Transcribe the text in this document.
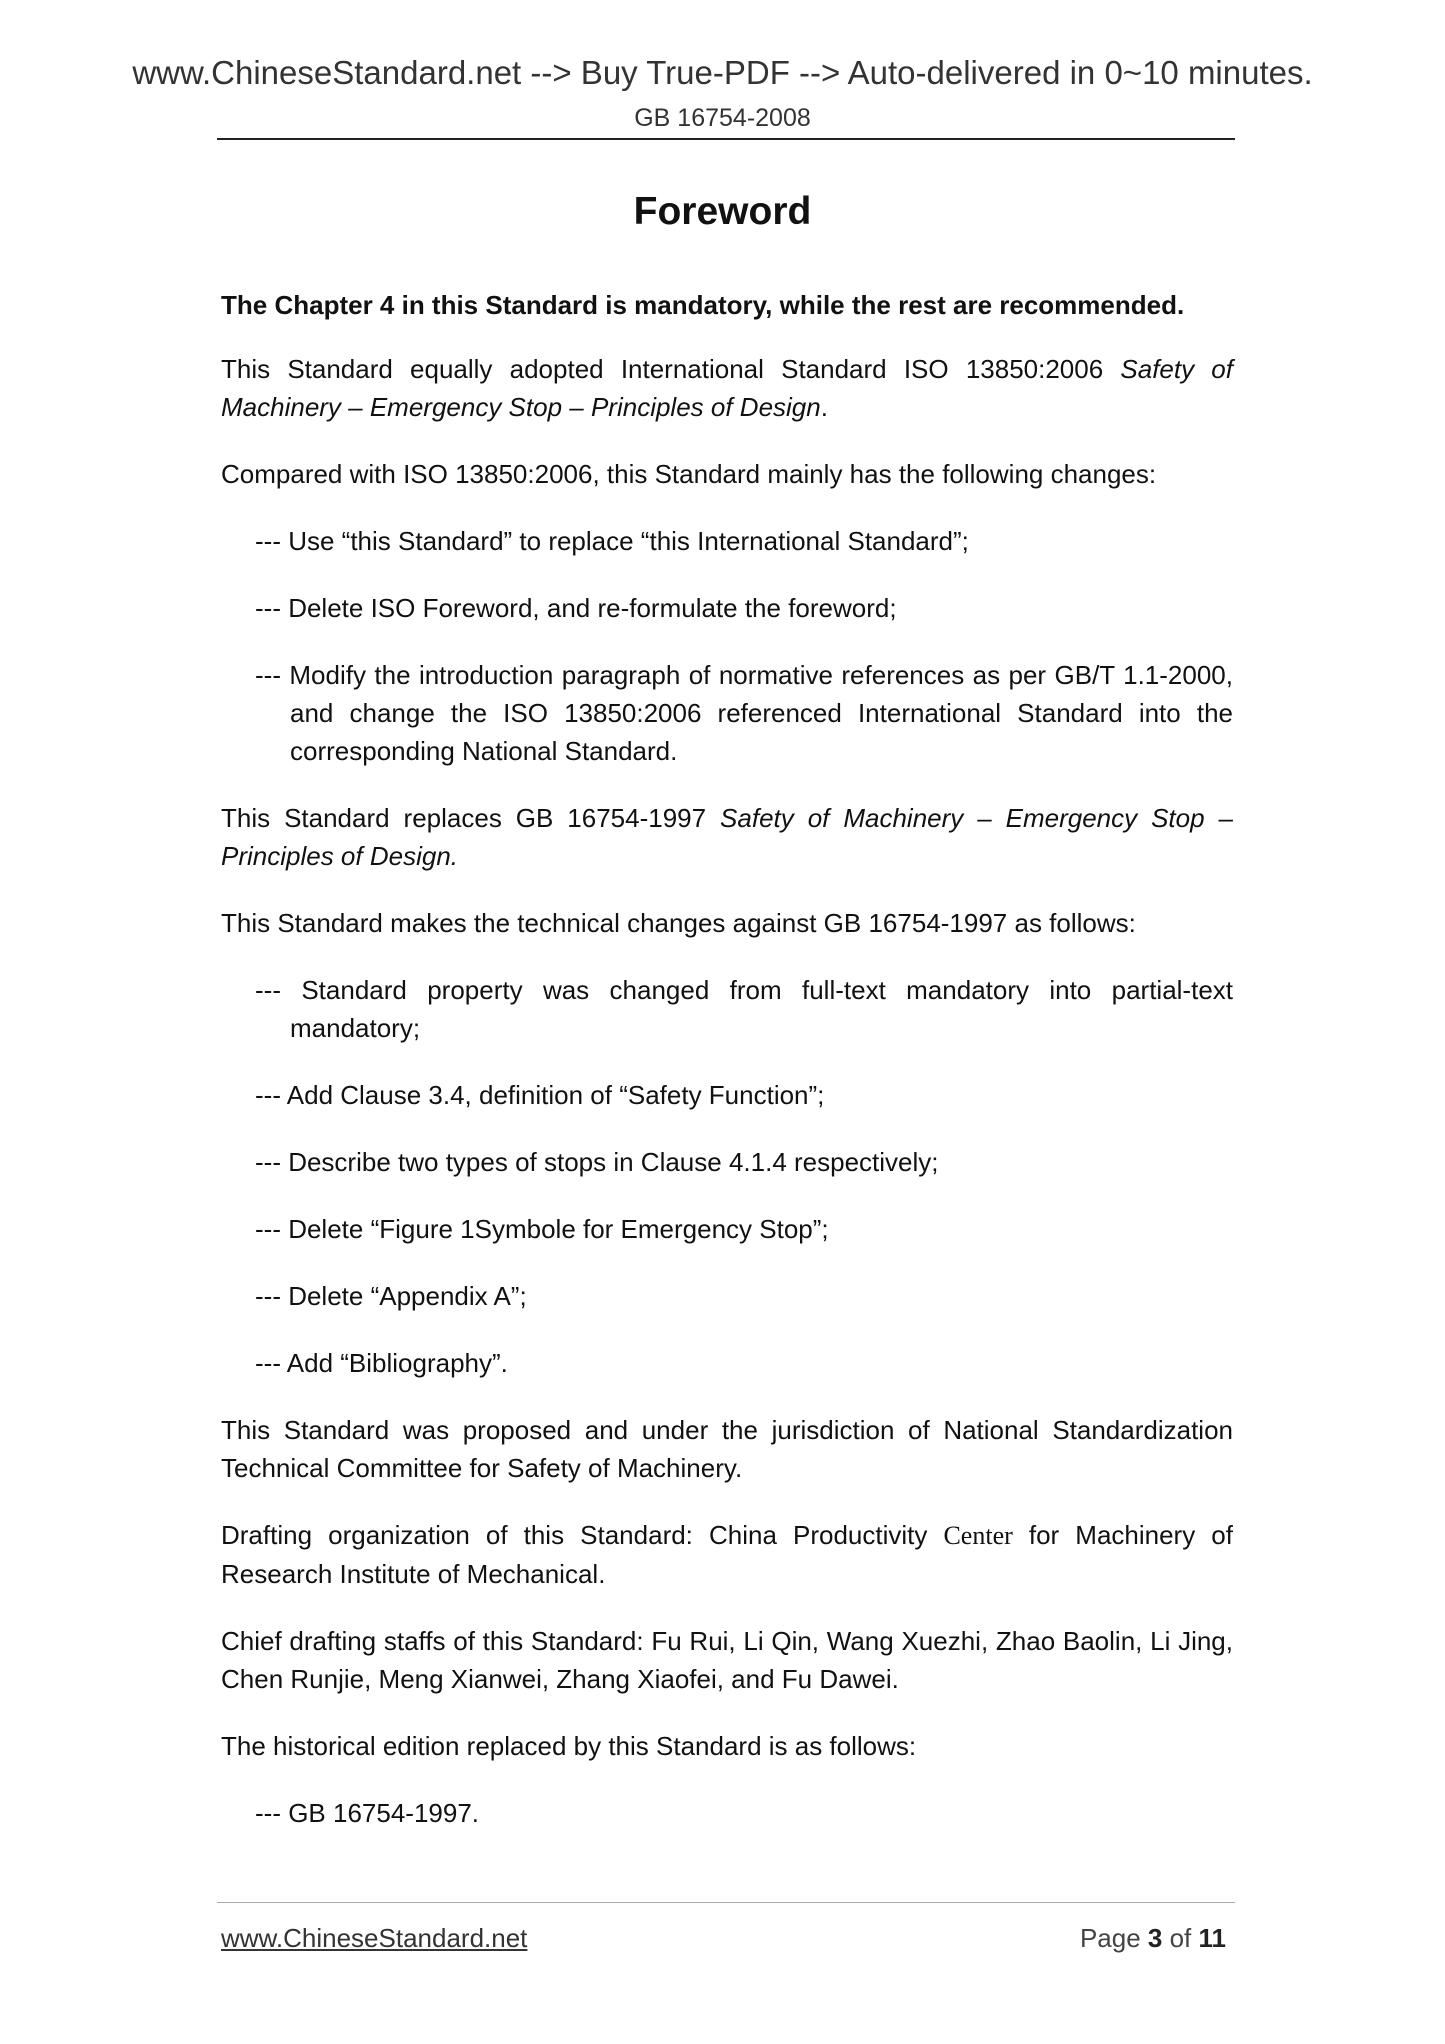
www.ChineseStandard.net --> Buy True-PDF --> Auto-delivered in 0~10 minutes.
GB 16754-2008
Foreword

The Chapter 4 in this Standard is mandatory, while the rest are recommended.

This Standard equally adopted International Standard ISO 13850:2006 Safety of Machinery – Emergency Stop – Principles of Design.

Compared with ISO 13850:2006, this Standard mainly has the following changes:

--- Use “this Standard” to replace “this International Standard”;
--- Delete ISO Foreword, and re-formulate the foreword;
--- Modify the introduction paragraph of normative references as per GB/T 1.1-2000, and change the ISO 13850:2006 referenced International Standard into the corresponding National Standard.

This Standard replaces GB 16754-1997 Safety of Machinery – Emergency Stop – Principles of Design.

This Standard makes the technical changes against GB 16754-1997 as follows:

--- Standard property was changed from full-text mandatory into partial-text mandatory;
--- Add Clause 3.4, definition of “Safety Function”;
--- Describe two types of stops in Clause 4.1.4 respectively;
--- Delete “Figure 1Symbole for Emergency Stop”;
--- Delete “Appendix A”;
--- Add “Bibliography”.

This Standard was proposed and under the jurisdiction of National Standardization Technical Committee for Safety of Machinery.

Drafting organization of this Standard: China Productivity Center for Machinery of Research Institute of Mechanical.

Chief drafting staffs of this Standard: Fu Rui, Li Qin, Wang Xuezhi, Zhao Baolin, Li Jing, Chen Runjie, Meng Xianwei, Zhang Xiaofei, and Fu Dawei.

The historical edition replaced by this Standard is as follows:

--- GB 16754-1997.
www.ChineseStandard.net	Page 3 of 11
